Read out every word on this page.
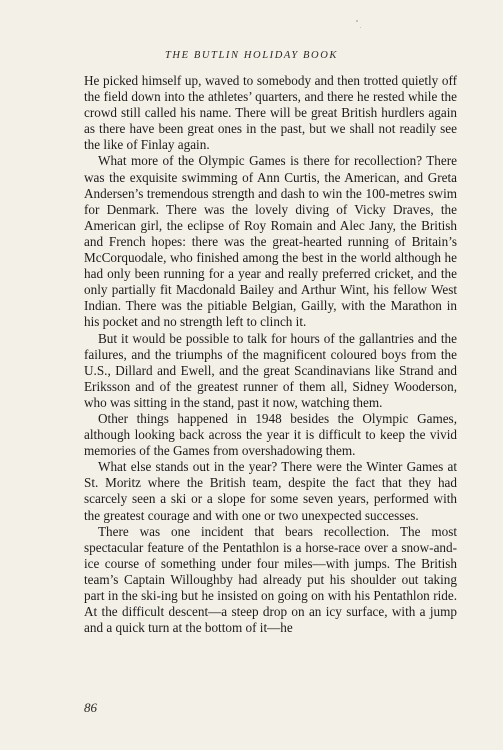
THE BUTLIN HOLIDAY BOOK

He picked himself up, waved to somebody and then trotted quietly off the field down into the athletes’ quarters, and there he rested while the crowd still called his name. There will be great British hurdlers again as there have been great ones in the past, but we shall not readily see the like of Finlay again.

What more of the Olympic Games is there for recollection? There was the exquisite swimming of Ann Curtis, the American, and Greta Andersen’s tremendous strength and dash to win the 100-metres swim for Denmark. There was the lovely diving of Vicky Draves, the American girl, the eclipse of Roy Romain and Alec Jany, the British and French hopes: there was the great-hearted running of Britain’s McCorquodale, who finished among the best in the world although he had only been running for a year and really preferred cricket, and the only partially fit Macdonald Bailey and Arthur Wint, his fellow West Indian. There was the pitiable Belgian, Gailly, with the Marathon in his pocket and no strength left to clinch it.

But it would be possible to talk for hours of the gallantries and the failures, and the triumphs of the magnificent coloured boys from the U.S., Dillard and Ewell, and the great Scandinavians like Strand and Eriksson and of the greatest runner of them all, Sidney Wooderson, who was sitting in the stand, past it now, watching them.

Other things happened in 1948 besides the Olympic Games, although looking back across the year it is difficult to keep the vivid memories of the Games from overshadowing them.

What else stands out in the year? There were the Winter Games at St. Moritz where the British team, despite the fact that they had scarcely seen a ski or a slope for some seven years, performed with the greatest courage and with one or two unexpected successes.

There was one incident that bears recollection. The most spectacular feature of the Pentathlon is a horse-race over a snow-and-ice course of something under four miles—with jumps. The British team’s Captain Willoughby had already put his shoulder out taking part in the ski-ing but he insisted on going on with his Pentathlon ride. At the difficult descent—a steep drop on an icy surface, with a jump and a quick turn at the bottom of it—he

86
